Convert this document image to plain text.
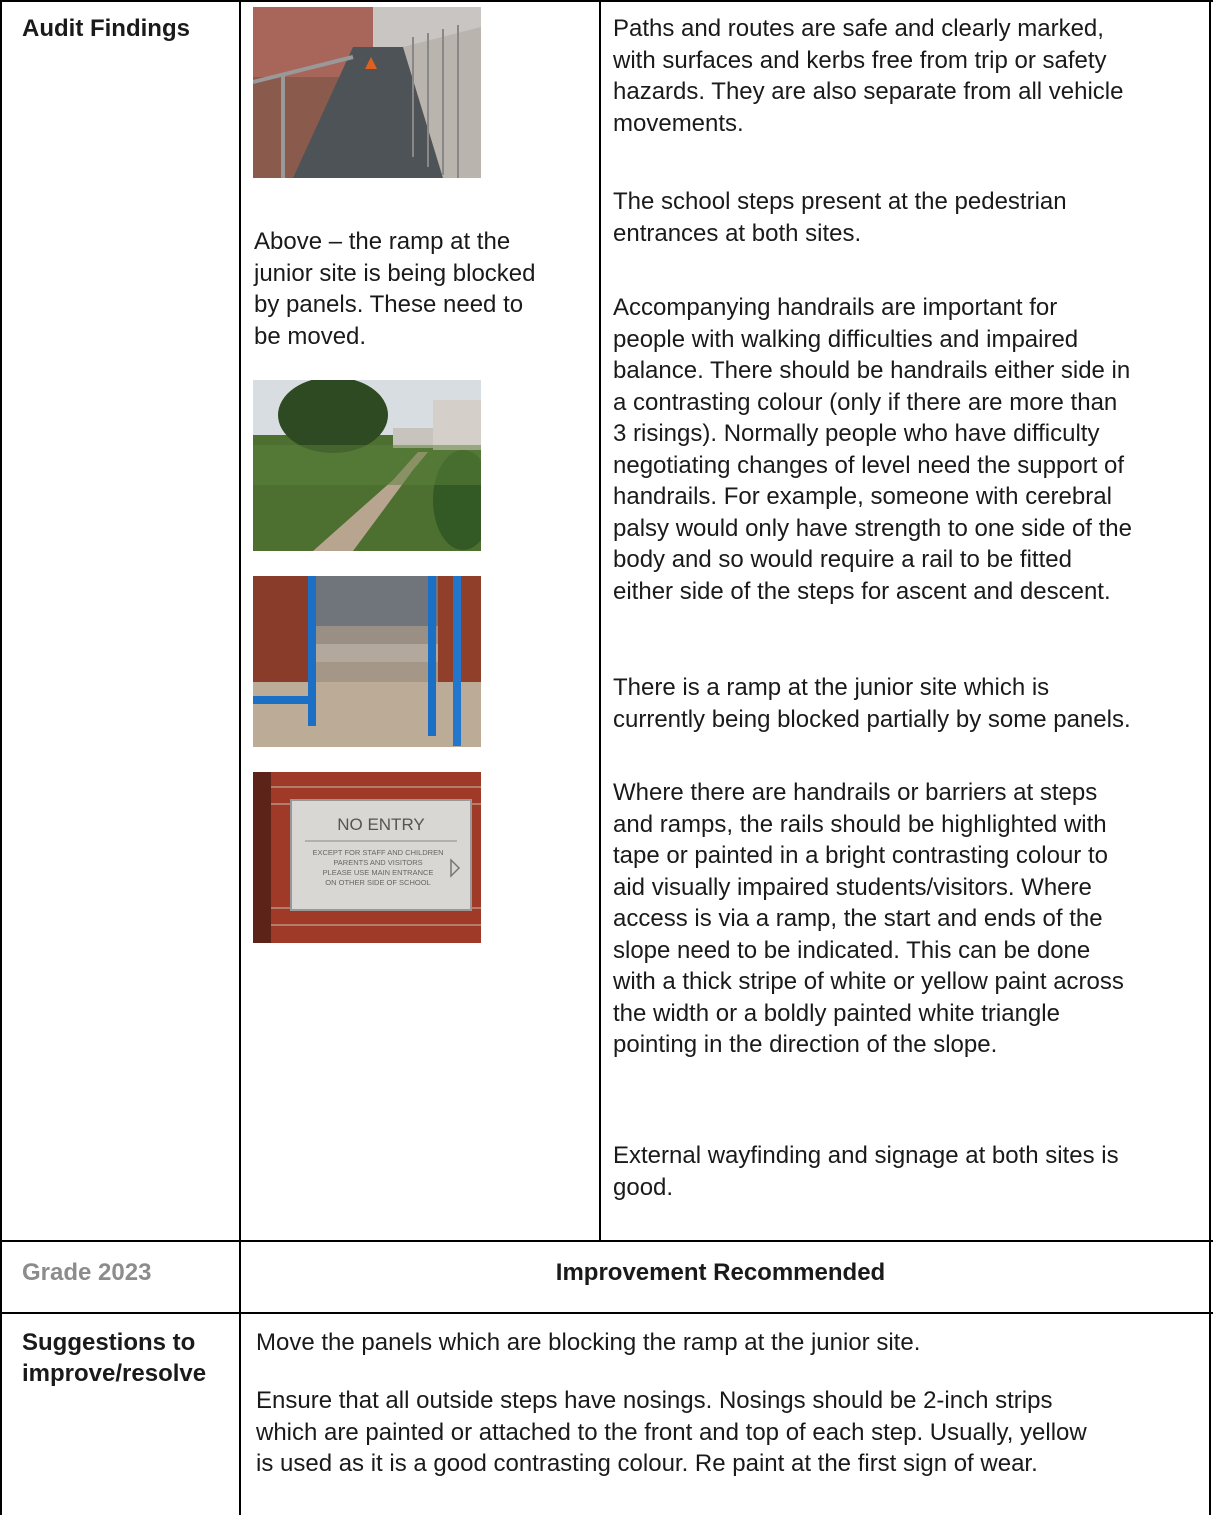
Audit Findings
Grade 2023
Suggestions to
improve/resolve

Above – the ramp at the
junior site is being blocked
by panels. These need to
be moved.

NO ENTRY
EXCEPT FOR STAFF AND CHILDREN
PARENTS AND VISITORS
PLEASE USE MAIN ENTRANCE
ON OTHER SIDE OF SCHOOL

Paths and routes are safe and clearly marked,
with surfaces and kerbs free from trip or safety
hazards. They are also separate from all vehicle
movements.

The school steps present at the pedestrian
entrances at both sites.

Accompanying handrails are important for
people with walking difficulties and impaired
balance. There should be handrails either side in
a contrasting colour (only if there are more than
3 risings). Normally people who have difficulty
negotiating changes of level need the support of
handrails. For example, someone with cerebral
palsy would only have strength to one side of the
body and so would require a rail to be fitted
either side of the steps for ascent and descent.

There is a ramp at the junior site which is
currently being blocked partially by some panels.

Where there are handrails or barriers at steps
and ramps, the rails should be highlighted with
tape or painted in a bright contrasting colour to
aid visually impaired students/visitors. Where
access is via a ramp, the start and ends of the
slope need to be indicated. This can be done
with a thick stripe of white or yellow paint across
the width or a boldly painted white triangle
pointing in the direction of the slope.

External wayfinding and signage at both sites is
good.

Improvement Recommended

Move the panels which are blocking the ramp at the junior site.

Ensure that all outside steps have nosings. Nosings should be 2-inch strips
which are painted or attached to the front and top of each step. Usually, yellow
is used as it is a good contrasting colour. Re paint at the first sign of wear.
